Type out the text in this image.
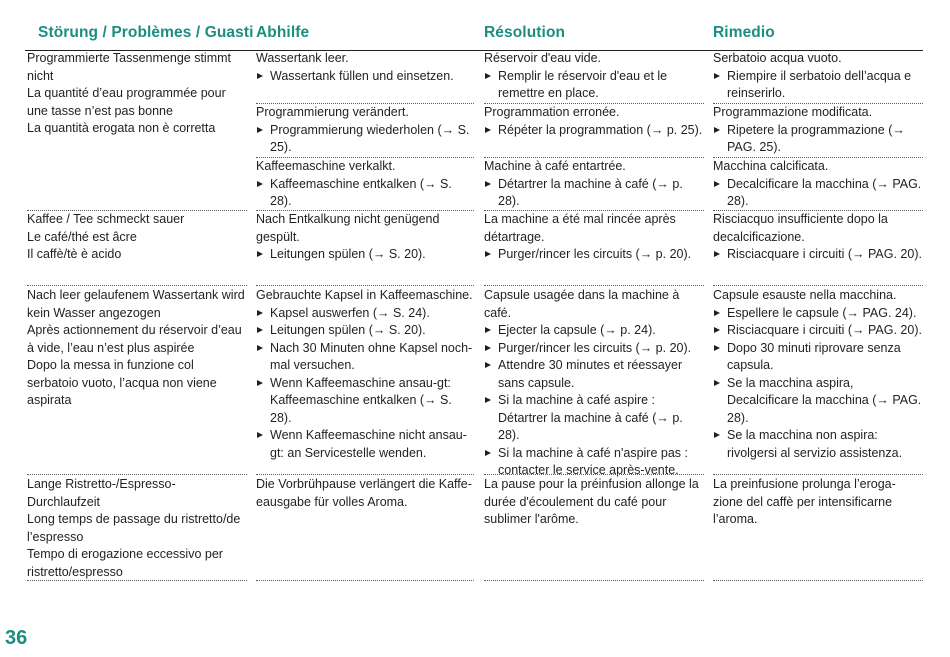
Störung / Problèmes / Guasti Abhilfe	Résolution	Rimedio

Programmierte Tassenmenge stimmt nicht

La quantité d’eau programmée pour une tasse n’est pas bonne

La quantità erogata non è corretta

Kaffee / Tee schmeckt sauer

Le café/thé est âcre

Il caffè/tè è acido

Nach leer gelaufenem Wassertank wird kein Wasser angezogen

Après actionnement du réservoir d’eau à vide, l’eau n’est plus aspirée

Dopo la messa in funzione col serbatoio vuoto, l’acqua non viene aspirata

Lange Ristretto-/Espresso-Durchlaufzeit

Long temps de passage du ristretto/de l’espresso

Tempo di erogazione eccessivo per ristretto/espresso

Wassertank leer.

Wassertank füllen und einsetzen.

Programmierung verändert.

Programmierung wiederholen (→ S. 25).

Kaffeemaschine verkalkt.

Kaffeemaschine entkalken (→ S. 28).

Nach Entkalkung nicht genügend gespült.

Leitungen spülen (→ S. 20).

Gebrauchte Kapsel in Kaffeemaschine.

Kapsel auswerfen (→ S. 24).

Leitungen spülen (→ S. 20).

Nach 30 Minuten ohne Kapsel noch-mal versuchen.

Wenn Kaffeemaschine ansau-gt: Kaffeemaschine entkalken (→ S. 28).

Wenn Kaffeemaschine nicht ansau-gt: an Servicestelle wenden.

Die Vorbrühpause verlängert die Kaffe-eausgabe für volles Aroma.

Réservoir d'eau vide.

Remplir le réservoir d'eau et le remettre en place.

Programmation erronée.

Répéter la programmation (→ p. 25).

Machine à café entartrée.

Détartrer la machine à café (→ p. 28).

La machine a été mal rincée après détartrage.

Purger/rincer les circuits (→ p. 20).

Capsule usagée dans la machine à café.

Ejecter la capsule (→ p. 24).

Purger/rincer les circuits (→ p. 20).

Attendre 30 minutes et réessayer sans capsule.

Si la machine à café aspire : Détartrer la machine à café (→ p. 28).

Si la machine à café n'aspire pas : contacter le service après-vente.

La pause pour la préinfusion allonge la durée d'écoulement du café pour sublimer l'arôme.

Serbatoio acqua vuoto.

Riempire il serbatoio dell’acqua e reinserirlo.

Programmazione modificata.

Ripetere la programmazione (→ PAG. 25).

Macchina calcificata.

Decalcificare la macchina (→ PAG. 28).

Risciacquo insufficiente dopo la decalcificazione.

Risciacquare i circuiti (→ PAG. 20).

Capsule esauste nella macchina.

Espellere le capsule (→ PAG. 24).

Risciacquare i circuiti (→ PAG. 20).

Dopo 30 minuti riprovare senza capsula.

Se la macchina aspira, Decalcificare la macchina (→ PAG. 28).

Se la macchina non aspira: rivolgersi al servizio assistenza.

La preinfusione prolunga l’eroga-zione del caffè per intensificarne l’aroma.

36
